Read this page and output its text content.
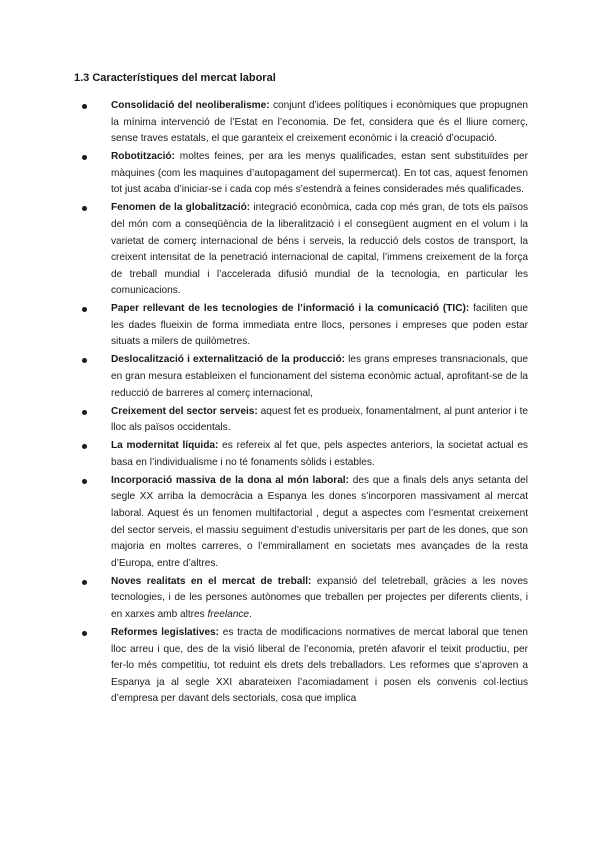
1.3 Característiques del mercat laboral
Consolidació del neoliberalisme: conjunt d’idees polítiques i econòmiques que propugnen la mínima intervenció de l’Estat en l’economia. De fet, considera que és el lliure comerç, sense traves estatals, el que garanteix el creixement econòmic i la creació d’ocupació.
Robotització: moltes feines, per ara les menys qualificades, estan sent substituïdes per màquines (com les maquines d’autopagament del supermercat). En tot cas, aquest fenomen tot just acaba d’iniciar-se i cada cop més s’estendrà a feines considerades més qualificades.
Fenomen de la globalització: integració econòmica, cada cop més gran, de tots els països del món com a conseqüència de la liberalització i el consegüent augment en el volum i la varietat de comerç internacional de béns i serveis, la reducció dels costos de transport, la creixent intensitat de la penetració internacional de capital, l’immens creixement de la força de treball mundial i l’accelerada difusió mundial de la tecnologia, en particular les comunicacions.
Paper rellevant de les tecnologies de l’informació i la comunicació (TIC): faciliten que les dades flueixin de forma immediata entre llocs, persones i empreses que poden estar situats a milers de quilòmetres.
Deslocalització i externalització de la producció: les grans empreses transnacionals, que en gran mesura estableixen el funcionament del sistema econòmic actual, aprofitant-se de la reducció de barreres al comerç internacional,
Creixement del sector serveis: aquest fet es produeix, fonamentalment, al punt anterior i te lloc als països occidentals.
La modernitat líquida: es refereix al fet que, pels aspectes anteriors, la societat actual es basa en l’individualisme i no té fonaments sòlids i estables.
Incorporació massiva de la dona al món laboral: des que a finals dels anys setanta del segle XX arriba la democràcia a Espanya les dones s’incorporen massivament al mercat laboral. Aquest és un fenomen multifactorial , degut a aspectes com l’esmentat creixement del sector serveis, el massiu seguiment d’estudis universitaris per part de les dones, que son majoria en moltes carreres, o l’emmirallament en societats mes avançades de la resta d’Europa, entre d’altres.
Noves realitats en el mercat de treball: expansió del teletreball, gràcies a les noves tecnologies, i de les persones autònomes que treballen per projectes per diferents clients, i en xarxes amb altres freelance.
Reformes legislatives: es tracta de modificacions normatives de mercat laboral que tenen lloc arreu i que, des de la visió liberal de l’economia, pretén afavorir el teixit productiu, per fer-lo més competitiu, tot reduint els drets dels treballadors. Les reformes que s’aproven a Espanya ja al segle XXI abarateixen l’acomiadament i posen els convenis col·lectius d’empresa per davant dels sectorials, cosa que implica
